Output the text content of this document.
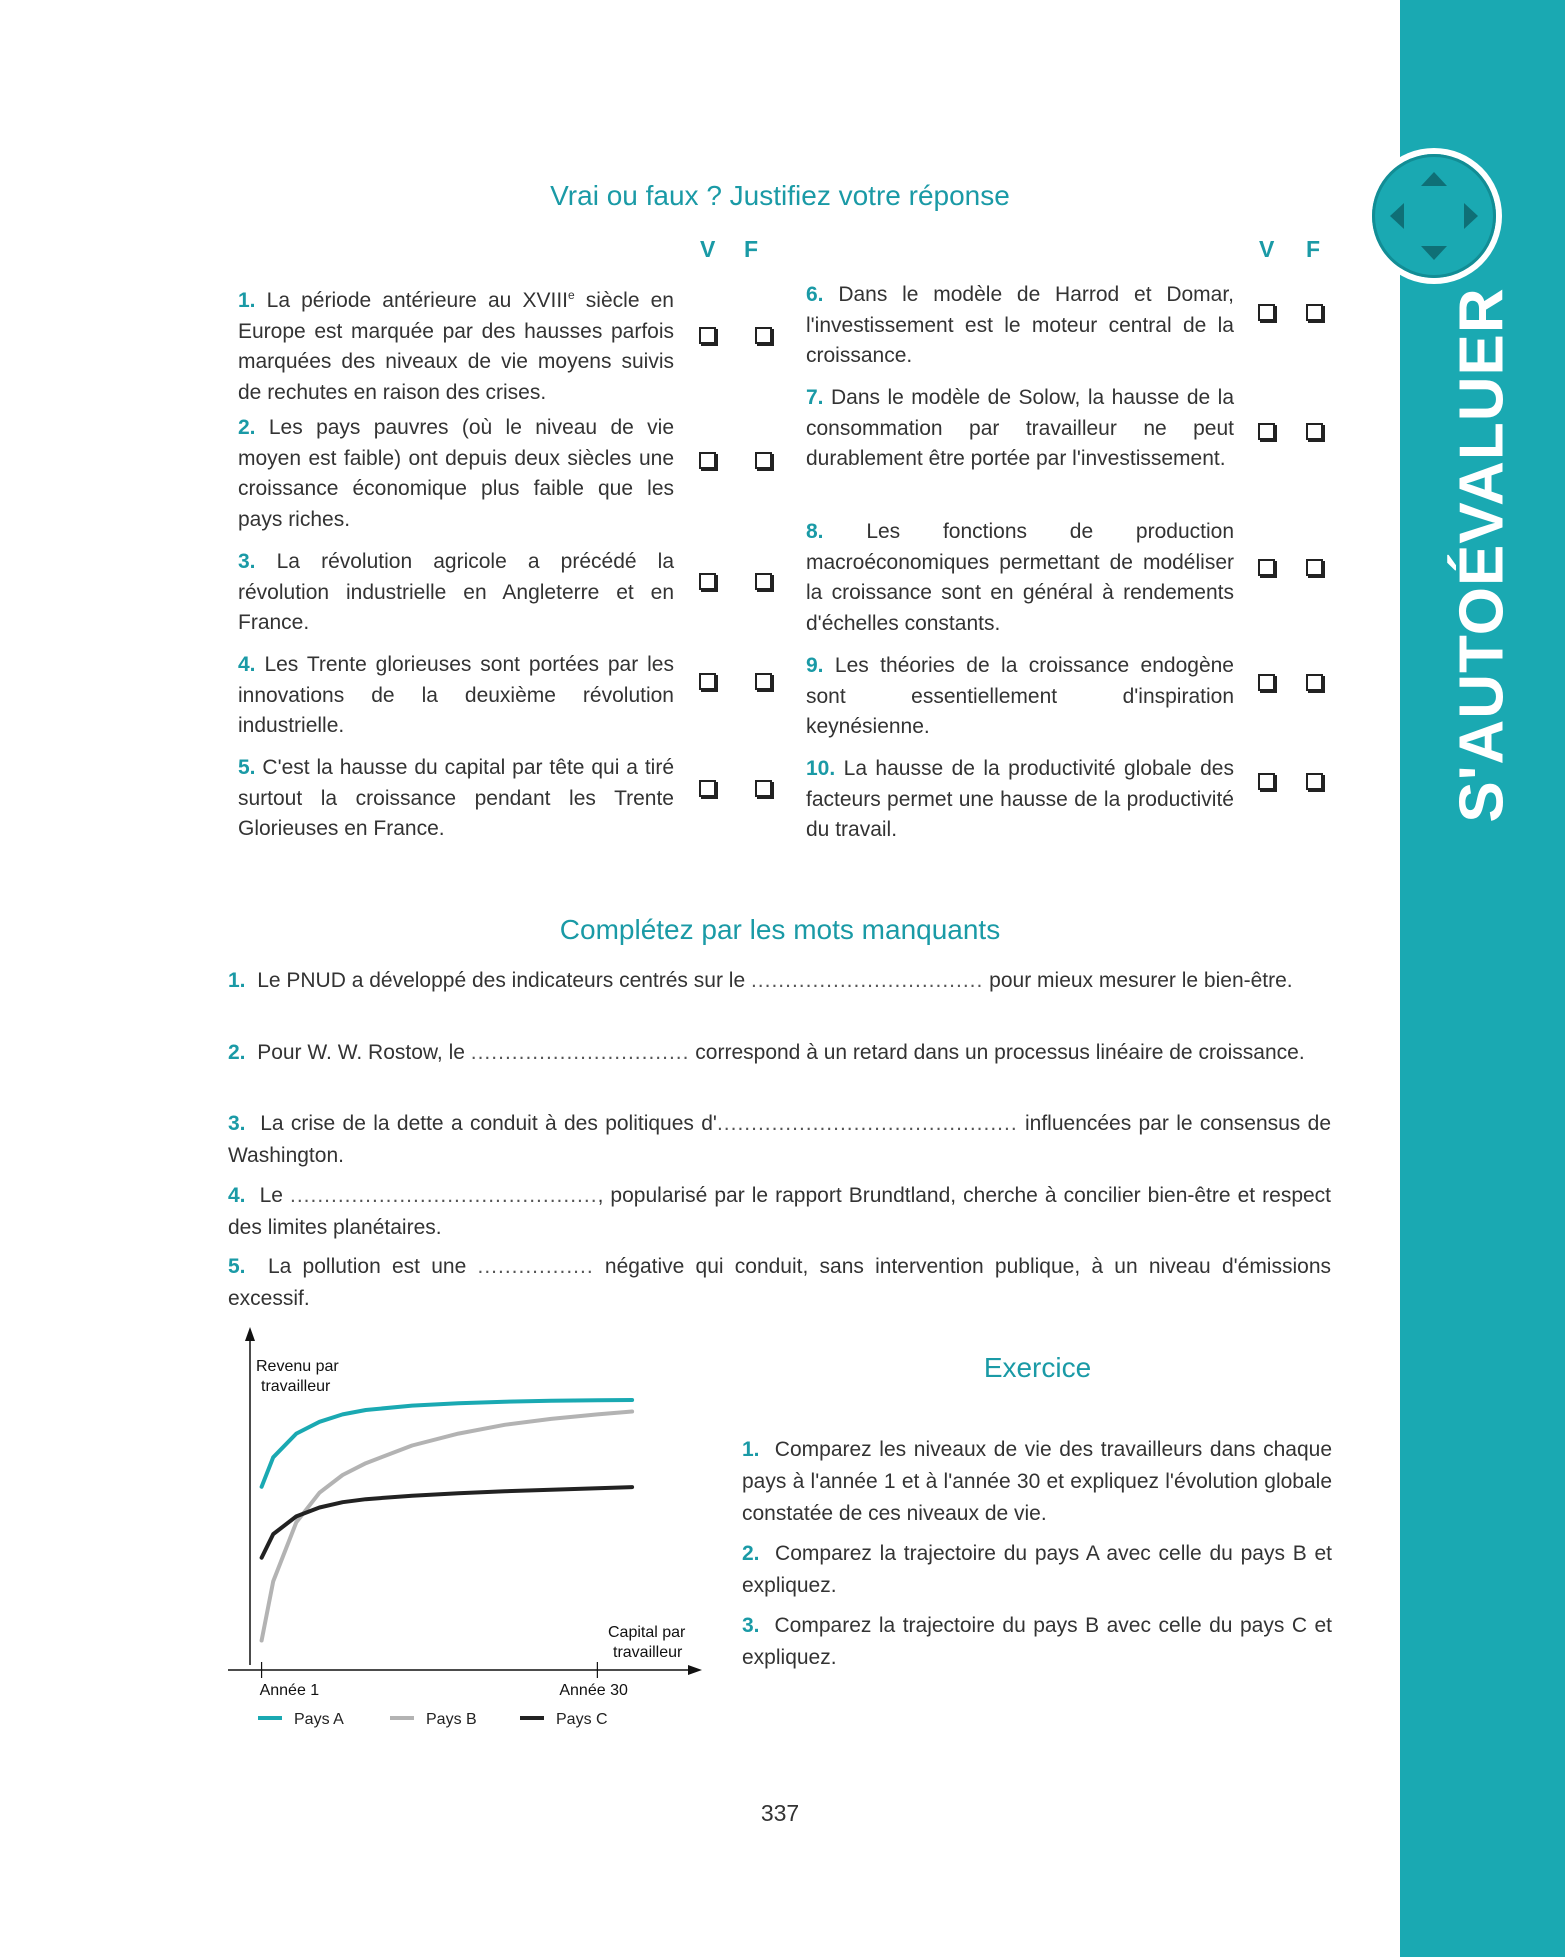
S'AUTOÉVALUER
Vrai ou faux ? Justifiez votre réponse
V F	V F
1. La période antérieure au XVIIIe siècle en Europe est marquée par des hausses parfois marquées des niveaux de vie moyens suivis de rechutes en raison des crises.
2. Les pays pauvres (où le niveau de vie moyen est faible) ont depuis deux siècles une croissance économique plus faible que les pays riches.
3. La révolution agricole a précédé la révolution industrielle en Angleterre et en France.
4. Les Trente glorieuses sont portées par les innovations de la deuxième révolution industrielle.
5. C'est la hausse du capital par tête qui a tiré surtout la croissance pendant les Trente Glorieuses en France.
6. Dans le modèle de Harrod et Domar, l'investissement est le moteur central de la croissance.
7. Dans le modèle de Solow, la hausse de la consommation par travailleur ne peut durablement être portée par l'investissement.
8. Les fonctions de production macroéconomiques permettant de modéliser la croissance sont en général à rendements d'échelles constants.
9. Les théories de la croissance endogène sont essentiellement d'inspiration keynésienne.
10. La hausse de la productivité globale des facteurs permet une hausse de la productivité du travail.
Complétez par les mots manquants
1. Le PNUD a développé des indicateurs centrés sur le .................................. pour mieux mesurer le bien-être.
2. Pour W. W. Rostow, le ................................ correspond à un retard dans un processus linéaire de croissance.
3. La crise de la dette a conduit à des politiques d'............................................ influencées par le consensus de Washington.
4. Le ............................................., popularisé par le rapport Brundtland, cherche à concilier bien-être et respect des limites planétaires.
5. La pollution est une ................. négative qui conduit, sans intervention publique, à un niveau d'émissions excessif.
Revenu par
travailleur
Capital par
travailleur
Année 1	Année 30
Pays A	Pays B	Pays C
Exercice
1. Comparez les niveaux de vie des travailleurs dans chaque pays à l'année 1 et à l'année 30 et expliquez l'évolution globale constatée de ces niveaux de vie.
2. Comparez la trajectoire du pays A avec celle du pays B et expliquez.
3. Comparez la trajectoire du pays B avec celle du pays C et expliquez.
337
